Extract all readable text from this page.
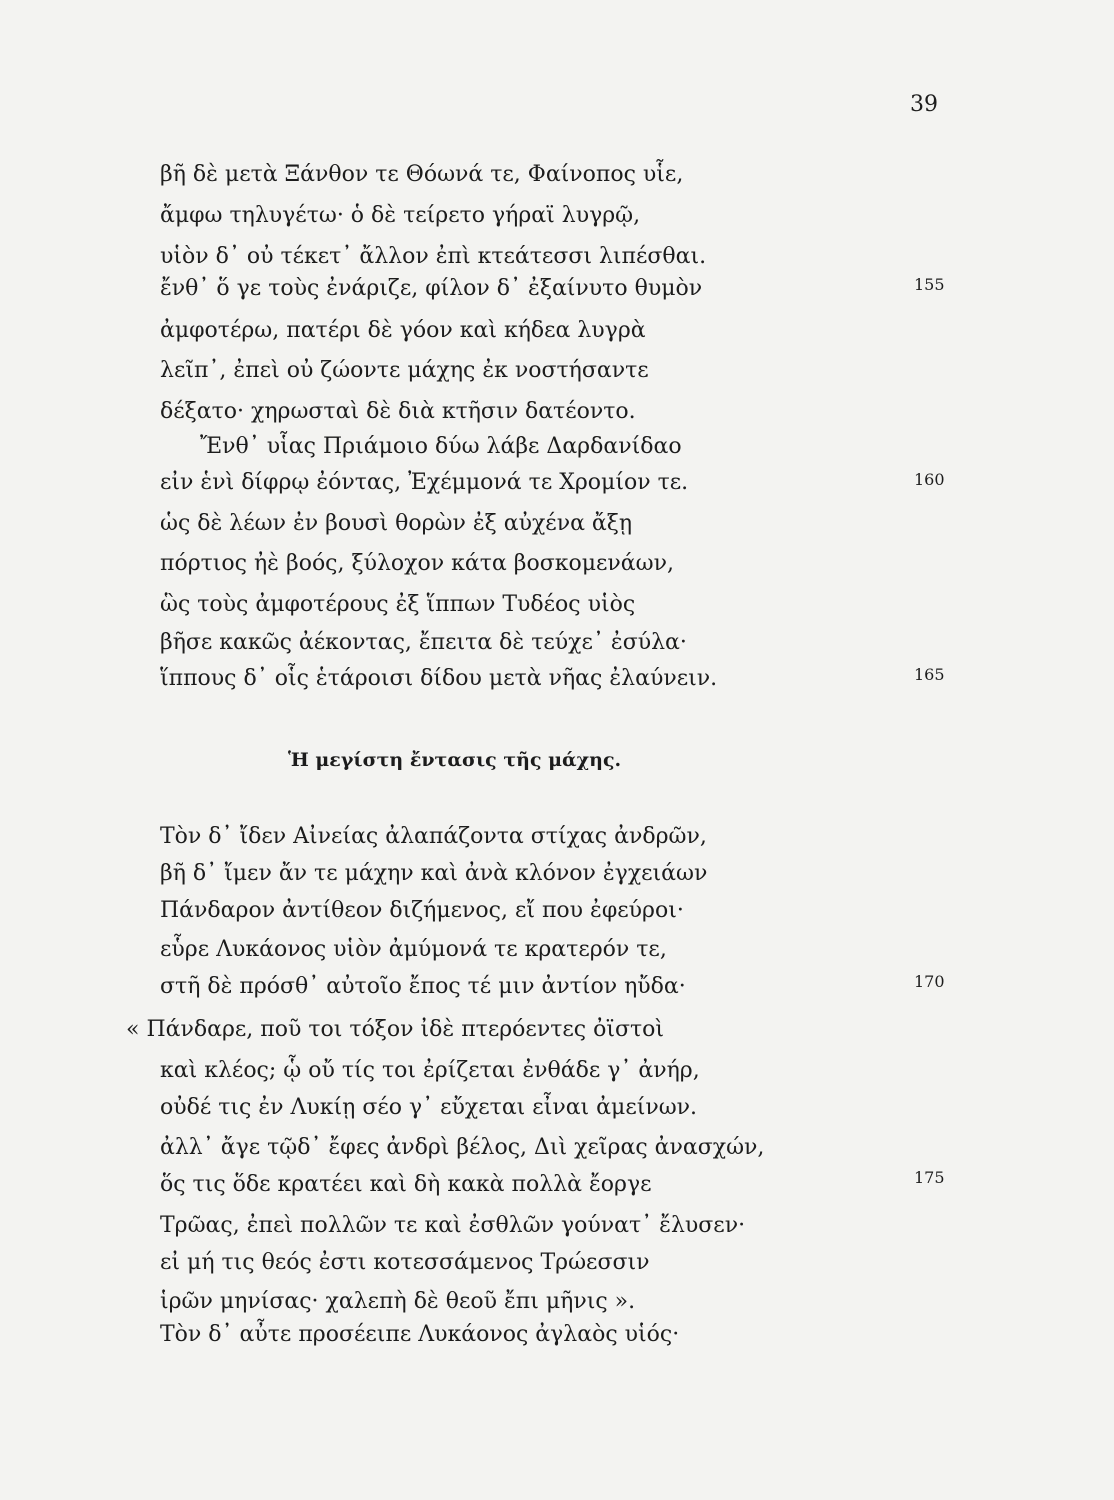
39
βῆ δὲ μετὰ Ξάνθον τε Θόωνά τε, Φαίνοπος υἷε,
ἄμφω τηλυγέτω· ὁ δὲ τείρετο γήραϊ λυγρῷ,
υἱὸν δ᾽ οὐ τέκετ᾽ ἄλλον ἐπὶ κτεάτεσσι λιπέσθαι.
ἔνθ᾽ ὅ γε τοὺς ἐνάριζε, φίλον δ᾽ ἐξαίνυτο θυμὸν
ἀμφοτέρω, πατέρι δὲ γόον καὶ κήδεα λυγρὰ
λεῖπ᾽, ἐπεὶ οὐ ζώοντε μάχης ἐκ νοστήσαντε
δέξατο· χηρωσταὶ δὲ διὰ κτῆσιν δατέοντο.
Ἔνθ᾽ υἷας Πριάμοιο δύω λάβε Δαρδανίδαο
εἰν ἑνὶ δίφρῳ ἐόντας, Ἐχέμμονά τε Χρομίον τε.
ὡς δὲ λέων ἐν βουσὶ θορὼν ἐξ αὐχένα ἄξῃ
πόρτιος ἠὲ βοός, ξύλοχον κάτα βοσκομενάων,
ὣς τοὺς ἀμφοτέρους ἐξ ἵππων Τυδέος υἱὸς
βῆσε κακῶς ἀέκοντας, ἔπειτα δὲ τεύχε᾽ ἐσύλα·
ἵππους δ᾽ οἷς ἑτάροισι δίδου μετὰ νῆας ἐλαύνειν.
155
160
165
Ἡ μεγίστη ἔντασις τῆς μάχης.
Τὸν δ᾽ ἴδεν Αἰνείας ἀλαπάζοντα στίχας ἀνδρῶν,
βῆ δ᾽ ἴμεν ἄν τε μάχην καὶ ἀνὰ κλόνον ἐγχειάων
Πάνδαρον ἀντίθεον διζήμενος, εἴ που ἐφεύροι·
εὗρε Λυκάονος υἱὸν ἀμύμονά τε κρατερόν τε,
στῆ δὲ πρόσθ᾽ αὐτοῖο ἔπος τέ μιν ἀντίον ηὔδα·
« Πάνδαρε, ποῦ τοι τόξον ἰδὲ πτερόεντες ὀϊστοὶ
καὶ κλέος; ᾧ οὔ τίς τοι ἐρίζεται ἐνθάδε γ᾽ ἀνήρ,
οὐδέ τις ἐν Λυκίῃ σέο γ᾽ εὔχεται εἶναι ἀμείνων.
ἀλλ᾽ ἄγε τῷδ᾽ ἔφες ἀνδρὶ βέλος, Διὶ χεῖρας ἀνασχών,
ὅς τις ὅδε κρατέει καὶ δὴ κακὰ πολλὰ ἔοργε
Τρῶας, ἐπεὶ πολλῶν τε καὶ ἐσθλῶν γούνατ᾽ ἔλυσεν·
εἰ μή τις θεός ἐστι κοτεσσάμενος Τρώεσσιν
ἱρῶν μηνίσας· χαλεπὴ δὲ θεοῦ ἔπι μῆνις ».
Τὸν δ᾽ αὖτε προσέειπε Λυκάονος ἀγλαὸς υἱός·
170
175
